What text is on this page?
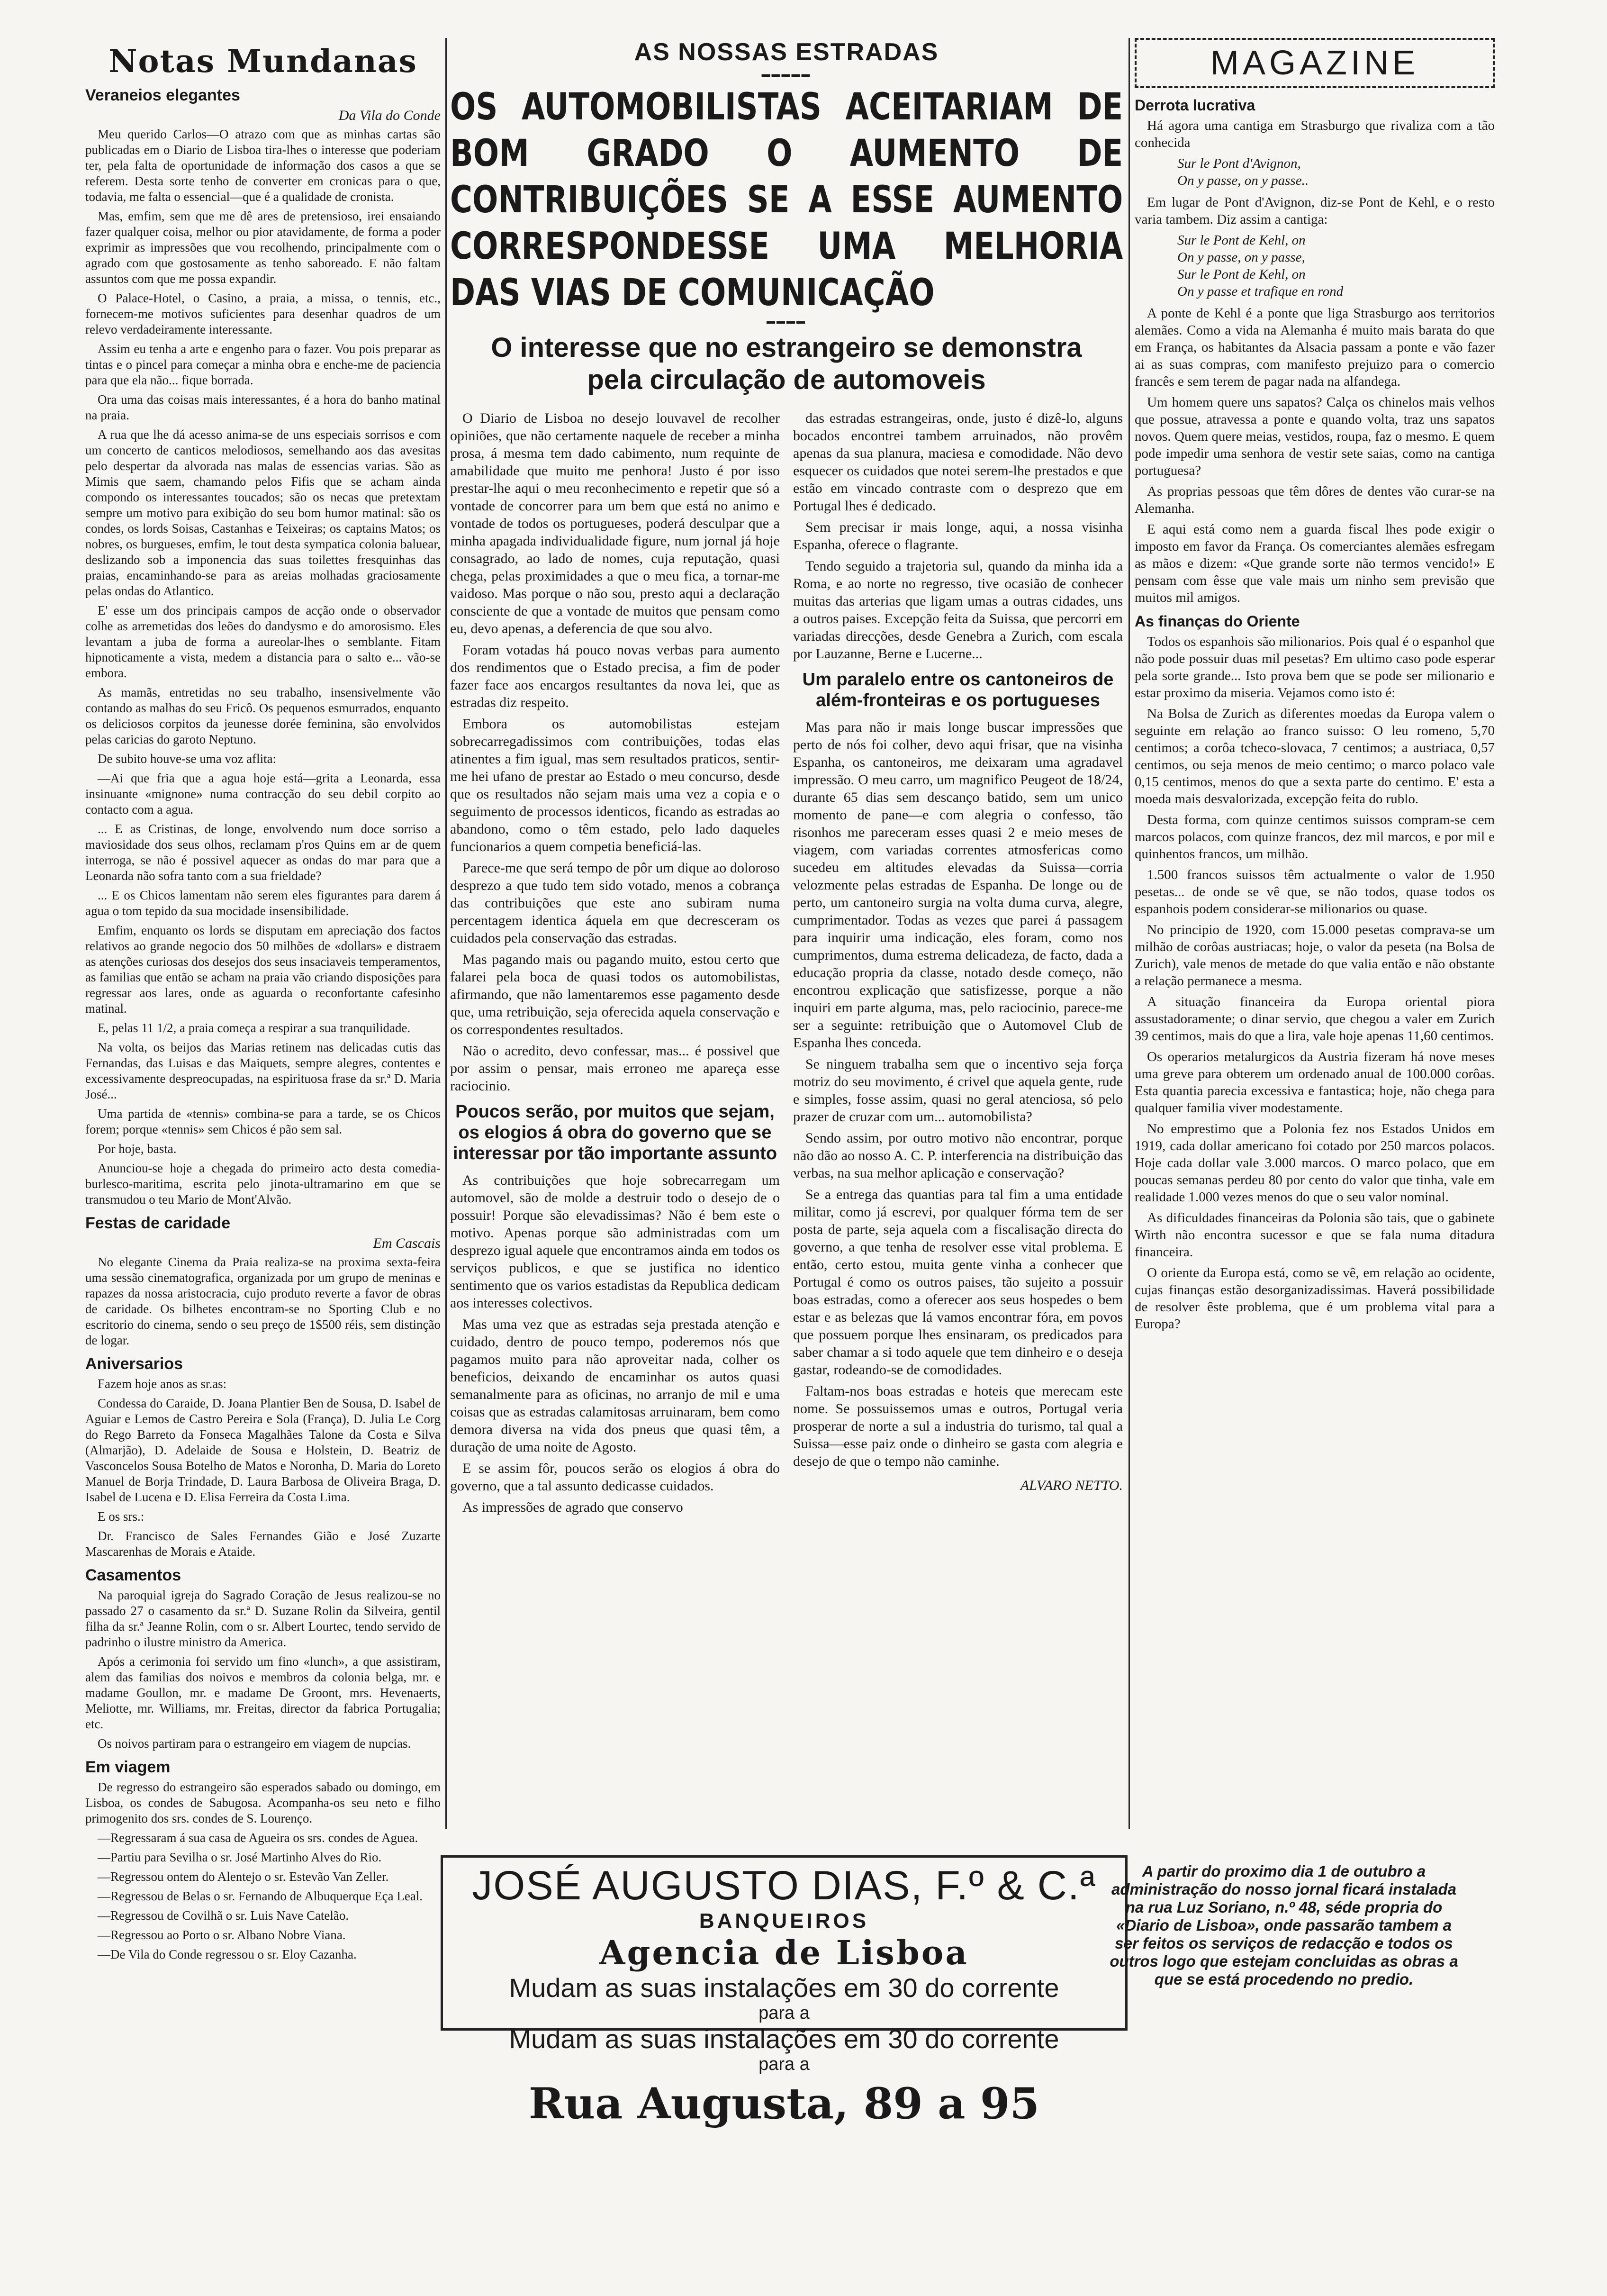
Notas Mundanas
Veraneios elegantes
Da Vila do Conde

Meu querido Carlos—O atrazo com que as minhas cartas são publicadas em o Diario de Lisboa tira-lhes o interesse que poderiam ter, pela falta de oportunidade de informação dos casos a que se referem. Desta sorte tenho de converter em cronicas para o que, todavia, me falta o essencial—que é a qualidade de cronista.

Mas, emfim, sem que me dê ares de pretensioso, irei ensaiando fazer qualquer coisa, melhor ou pior atavidamente, de forma a poder exprimir as impressões que vou recolhendo, principalmente com o agrado com que gostosamente as tenho saboreado. E não faltam assuntos com que me possa expandir.

O Palace-Hotel, o Casino, a praia, a missa, o tennis, etc., fornecem-me motivos suficientes para desenhar quadros de um relevo verdadeiramente interessante.

Assim eu tenha a arte e engenho para o fazer. Vou pois preparar as tintas e o pincel para começar a minha obra e enche-me de paciencia para que ela não... fique borrada.

Ora uma das coisas mais interessantes, é a hora do banho matinal na praia.

A rua que lhe dá acesso anima-se de uns especiais sorrisos e com um concerto de canticos melodiosos, semelhando aos das avesitas pelo despertar da alvorada nas malas de essencias varias. São as Mimis que saem, chamando pelos Fifis que se acham ainda compondo os interessantes toucados; são os necas que pretextam sempre um motivo para exibição do seu bom humor matinal: são os condes, os lords Soisas, Castanhas e Teixeiras; os captains Matos; os nobres, os burgueses, emfim, le tout desta sympatica colonia baluear, deslizando sob a imponencia das suas toilettes fresquinhas das praias, encaminhando-se para as areias molhadas graciosamente pelas ondas do Atlantico.

E' esse um dos principais campos de acção onde o observador colhe as arremetidas dos leões do dandysmo e do amorosismo. Eles levantam a juba de forma a aureolar-lhes o semblante. Fitam hipnoticamente a vista, medem a distancia para o salto e... vão-se embora.

As mamãs, entretidas no seu trabalho, insensivelmente vão contando as malhas do seu Fricô. Os pequenos esmurrados, enquanto os deliciosos corpitos da jeunesse dorée feminina, são envolvidos pelas caricias do garoto Neptuno.

De subito houve-se uma voz aflita:

—Ai que fria que a agua hoje está—grita a Leonarda, essa insinuante «mignone» numa contracção do seu debil corpito ao contacto com a agua.

... E as Cristinas, de longe, envolvendo num doce sorriso a maviosidade dos seus olhos, reclamam p'ros Quins em ar de quem interroga, se não é possivel aquecer as ondas do mar para que a Leonarda não sofra tanto com a sua frieldade?

... E os Chicos lamentam não serem eles figurantes para darem á agua o tom tepido da sua mocidade insensibilidade.

Emfim, enquanto os lords se disputam em apreciação dos factos relativos ao grande negocio dos 50 milhões de «dollars» e distraem as atenções curiosas dos desejos dos seus insaciaveis temperamentos, as familias que então se acham na praia vão criando disposições para regressar aos lares, onde as aguarda o reconfortante cafesinho matinal.

E, pelas 11 1/2, a praia começa a respirar a sua tranquilidade.

Na volta, os beijos das Marias retinem nas delicadas cutis das Fernandas, das Luisas e das Maiquets, sempre alegres, contentes e excessivamente despreocupadas, na espirituosa frase da sr.ª D. Maria José...

Uma partida de «tennis» combina-se para a tarde, se os Chicos forem; porque «tennis» sem Chicos é pão sem sal.

Por hoje, basta.

Anunciou-se hoje a chegada do primeiro acto desta comedia-burlesco-maritima, escrita pelo jinota-ultramarino em que se transmudou o teu Mario de Mont'Alvão.

Festas de caridade
Em Cascais

No elegante Cinema da Praia realiza-se na proxima sexta-feira uma sessão cinematografica, organizada por um grupo de meninas e rapazes da nossa aristocracia, cujo produto reverte a favor de obras de caridade. Os bilhetes encontram-se no Sporting Club e no escritorio do cinema, sendo o seu preço de 1$500 réis, sem distinção de logar.

Aniversarios

Fazem hoje anos as sr.as:

Condessa do Caraide, D. Joana Plantier Ben de Sousa, D. Isabel de Aguiar e Lemos de Castro Pereira e Sola (França), D. Julia Le Corg do Rego Barreto da Fonseca Magalhães Talone da Costa e Silva (Almarjão), D. Adelaide de Sousa e Holstein, D. Beatriz de Vasconcelos Sousa Botelho de Matos e Noronha, D. Maria do Loreto Manuel de Borja Trindade, D. Laura Barbosa de Oliveira Braga, D. Isabel de Lucena e D. Elisa Ferreira da Costa Lima.

E os srs.:

Dr. Francisco de Sales Fernandes Gião e José Zuzarte Mascarenhas de Morais e Ataide.

Casamentos

Na paroquial igreja do Sagrado Coração de Jesus realizou-se no passado 27 o casamento da sr.ª D. Suzane Rolin da Silveira, gentil filha da sr.ª Jeanne Rolin, com o sr. Albert Lourtec, tendo servido de padrinho o ilustre ministro da America.

Após a cerimonia foi servido um fino «lunch», a que assistiram, alem das familias dos noivos e membros da colonia belga, mr. e madame Goullon, mr. e madame De Groont, mrs. Hevenaerts, Meliotte, mr. Williams, mr. Freitas, director da fabrica Portugalia; etc.

Os noivos partiram para o estrangeiro em viagem de nupcias.

Em viagem

De regresso do estrangeiro são esperados sabado ou domingo, em Lisboa, os condes de Sabugosa. Acompanha-os seu neto e filho primogenito dos srs. condes de S. Lourenço.

—Regressaram á sua casa de Agueira os srs. condes de Aguea.

—Partiu para Sevilha o sr. José Martinho Alves do Rio.

—Regressou ontem do Alentejo o sr. Estevão Van Zeller.

—Regressou de Belas o sr. Fernando de Albuquerque Eça Leal.

—Regressou de Covilhã o sr. Luis Nave Catelão.

—Regressou ao Porto o sr. Albano Nobre Viana.

—De Vila do Conde regressou o sr. Eloy Cazanha.

AS NOSSAS ESTRADAS
▬▬▬▬▬
OS AUTOMOBILISTAS ACEITARIAM DE BOM GRADO O AUMENTO DE CONTRIBUIÇÕES SE A ESSE AUMENTO CORRESPONDESSE UMA MELHORIA DAS VIAS DE COMUNICAÇÃO
▬▬▬▬
O interesse que no estrangeiro se demonstra pela circulação de automoveis

O Diario de Lisboa no desejo louvavel de recolher opiniões, que não certamente naquele de receber a minha prosa, á mesma tem dado cabimento, num requinte de amabilidade que muito me penhora! Justo é por isso prestar-lhe aqui o meu reconhecimento e repetir que só a vontade de concorrer para um bem que está no animo e vontade de todos os portugueses, poderá desculpar que a minha apagada individualidade figure, num jornal já hoje consagrado, ao lado de nomes, cuja reputação, quasi chega, pelas proximidades a que o meu fica, a tornar-me vaidoso. Mas porque o não sou, presto aqui a declaração consciente de que a vontade de muitos que pensam como eu, devo apenas, a deferencia de que sou alvo.

Foram votadas há pouco novas verbas para aumento dos rendimentos que o Estado precisa, a fim de poder fazer face aos encargos resultantes da nova lei, que as estradas diz respeito.

Embora os automobilistas estejam sobrecarregadissimos com contribuições, todas elas atinentes a fim igual, mas sem resultados praticos, sentir-me hei ufano de prestar ao Estado o meu concurso, desde que os resultados não sejam mais uma vez a copia e o seguimento de processos identicos, ficando as estradas ao abandono, como o têm estado, pelo lado daqueles funcionarios a quem competia beneficiá-las.

Parece-me que será tempo de pôr um dique ao doloroso desprezo a que tudo tem sido votado, menos a cobrança das contribuições que este ano subiram numa percentagem identica áquela em que decresceram os cuidados pela conservação das estradas.

Mas pagando mais ou pagando muito, estou certo que falarei pela boca de quasi todos os automobilistas, afirmando, que não lamentaremos esse pagamento desde que, uma retribuição, seja oferecida aquela conservação e os correspondentes resultados.

Não o acredito, devo confessar, mas... é possivel que por assim o pensar, mais erroneo me apareça esse raciocinio.

Poucos serão, por muitos que sejam, os elogios á obra do governo que se interessar por tão importante assunto

As contribuições que hoje sobrecarregam um automovel, são de molde a destruir todo o desejo de o possuir! Porque são elevadissimas? Não é bem este o motivo. Apenas porque são administradas com um desprezo igual aquele que encontramos ainda em todos os serviços publicos, e que se justifica no identico sentimento que os varios estadistas da Republica dedicam aos interesses colectivos.

Mas uma vez que as estradas seja prestada atenção e cuidado, dentro de pouco tempo, poderemos nós que pagamos muito para não aproveitar nada, colher os beneficios, deixando de encaminhar os autos quasi semanalmente para as oficinas, no arranjo de mil e uma coisas que as estradas calamitosas arruinaram, bem como demora diversa na vida dos pneus que quasi têm, a duração de uma noite de Agosto.

E se assim fôr, poucos serão os elogios á obra do governo, que a tal assunto dedicasse cuidados.

As impressões de agrado que conservo

das estradas estrangeiras, onde, justo é dizê-lo, alguns bocados encontrei tambem arruinados, não provêm apenas da sua planura, maciesa e comodidade. Não devo esquecer os cuidados que notei serem-lhe prestados e que estão em vincado contraste com o desprezo que em Portugal lhes é dedicado.

Sem precisar ir mais longe, aqui, a nossa visinha Espanha, oferece o flagrante.

Tendo seguido a trajetoria sul, quando da minha ida a Roma, e ao norte no regresso, tive ocasião de conhecer muitas das arterias que ligam umas a outras cidades, uns a outros paises. Excepção feita da Suissa, que percorri em variadas direcções, desde Genebra a Zurich, com escala por Lauzanne, Berne e Lucerne...

Um paralelo entre os cantoneiros de além-fronteiras e os portugueses

Mas para não ir mais longe buscar impressões que perto de nós foi colher, devo aqui frisar, que na visinha Espanha, os cantoneiros, me deixaram uma agradavel impressão. O meu carro, um magnifico Peugeot de 18/24, durante 65 dias sem descanço batido, sem um unico momento de pane—e com alegria o confesso, tão risonhos me pareceram esses quasi 2 e meio meses de viagem, com variadas correntes atmosfericas como sucedeu em altitudes elevadas da Suissa—corria velozmente pelas estradas de Espanha. De longe ou de perto, um cantoneiro surgia na volta duma curva, alegre, cumprimentador. Todas as vezes que parei á passagem para inquirir uma indicação, eles foram, como nos cumprimentos, duma estrema delicadeza, de facto, dada a educação propria da classe, notado desde começo, não encontrou explicação que satisfizesse, porque a não inquiri em parte alguma, mas, pelo raciocinio, parece-me ser a seguinte: retribuição que o Automovel Club de Espanha lhes conceda.

Se ninguem trabalha sem que o incentivo seja força motriz do seu movimento, é crivel que aquela gente, rude e simples, fosse assim, quasi no geral atenciosa, só pelo prazer de cruzar com um... automobilista?

Sendo assim, por outro motivo não encontrar, porque não dão ao nosso A. C. P. interferencia na distribuição das verbas, na sua melhor aplicação e conservação?

Se a entrega das quantias para tal fim a uma entidade militar, como já escrevi, por qualquer fórma tem de ser posta de parte, seja aquela com a fiscalisação directa do governo, a que tenha de resolver esse vital problema. E então, certo estou, muita gente vinha a conhecer que Portugal é como os outros paises, tão sujeito a possuir boas estradas, como a oferecer aos seus hospedes o bem estar e as belezas que lá vamos encontrar fóra, em povos que possuem porque lhes ensinaram, os predicados para saber chamar a si todo aquele que tem dinheiro e o deseja gastar, rodeando-se de comodidades.

Faltam-nos boas estradas e hoteis que merecam este nome. Se possuissemos umas e outros, Portugal veria prosperar de norte a sul a industria do turismo, tal qual a Suissa—esse paiz onde o dinheiro se gasta com alegria e desejo de que o tempo não caminhe.

ALVARO NETTO.
JOSÉ AUGUSTO DIAS, F.º & C.ª
BANQUEIROS
Agencia de Lisboa
Mudam as suas instalações em 30 do corrente
para a
Mudam as suas instalações em 30 do corrente
para a
Rua Augusta, 89 a 95
MAGAZINE
Derrota lucrativa

Há agora uma cantiga em Strasburgo que rivaliza com a tão conhecida

Sur le Pont d'Avignon,
On y passe, on y passe..

Em lugar de Pont d'Avignon, diz-se Pont de Kehl, e o resto varia tambem. Diz assim a cantiga:

Sur le Pont de Kehl, on
On y passe, on y passe,
Sur le Pont de Kehl, on
On y passe et trafique en rond

A ponte de Kehl é a ponte que liga Strasburgo aos territorios alemães. Como a vida na Alemanha é muito mais barata do que em França, os habitantes da Alsacia passam a ponte e vão fazer ai as suas compras, com manifesto prejuizo para o comercio francês e sem terem de pagar nada na alfandega.

Um homem quere uns sapatos? Calça os chinelos mais velhos que possue, atravessa a ponte e quando volta, traz uns sapatos novos. Quem quere meias, vestidos, roupa, faz o mesmo. E quem pode impedir uma senhora de vestir sete saias, como na cantiga portuguesa?

As proprias pessoas que têm dôres de dentes vão curar-se na Alemanha.

E aqui está como nem a guarda fiscal lhes pode exigir o imposto em favor da França. Os comerciantes alemães esfregam as mãos e dizem: «Que grande sorte não termos vencido!» E pensam com êsse que vale mais um ninho sem previsão que muitos mil amigos.

As finanças do Oriente

Todos os espanhois são milionarios. Pois qual é o espanhol que não pode possuir duas mil pesetas? Em ultimo caso pode esperar pela sorte grande... Isto prova bem que se pode ser milionario e estar proximo da miseria. Vejamos como isto é:

Na Bolsa de Zurich as diferentes moedas da Europa valem o seguinte em relação ao franco suisso: O leu romeno, 5,70 centimos; a corôa tcheco-slovaca, 7 centimos; a austriaca, 0,57 centimos, ou seja menos de meio centimo; o marco polaco vale 0,15 centimos, menos do que a sexta parte do centimo. E' esta a moeda mais desvalorizada, excepção feita do rublo.

Desta forma, com quinze centimos suissos compram-se cem marcos polacos, com quinze francos, dez mil marcos, e por mil e quinhentos francos, um milhão.

1.500 francos suissos têm actualmente o valor de 1.950 pesetas... de onde se vê que, se não todos, quase todos os espanhois podem considerar-se milionarios ou quase.

No principio de 1920, com 15.000 pesetas comprava-se um milhão de corôas austriacas; hoje, o valor da peseta (na Bolsa de Zurich), vale menos de metade do que valia então e não obstante a relação permanece a mesma.

A situação financeira da Europa oriental piora assustadoramente; o dinar servio, que chegou a valer em Zurich 39 centimos, mais do que a lira, vale hoje apenas 11,60 centimos.

Os operarios metalurgicos da Austria fizeram há nove meses uma greve para obterem um ordenado anual de 100.000 corôas. Esta quantia parecia excessiva e fantastica; hoje, não chega para qualquer familia viver modestamente.

No emprestimo que a Polonia fez nos Estados Unidos em 1919, cada dollar americano foi cotado por 250 marcos polacos. Hoje cada dollar vale 3.000 marcos. O marco polaco, que em poucas semanas perdeu 80 por cento do valor que tinha, vale em realidade 1.000 vezes menos do que o seu valor nominal.

As dificuldades financeiras da Polonia são tais, que o gabinete Wirth não encontra sucessor e que se fala numa ditadura financeira.

O oriente da Europa está, como se vê, em relação ao ocidente, cujas finanças estão desorganizadissimas. Haverá possibilidade de resolver êste problema, que é um problema vital para a Europa?

A partir do proximo dia 1 de outubro a administração do nosso jornal ficará instalada na rua Luz Soriano, n.º 48, séde propria do «Diario de Lisboa», onde passarão tambem a ser feitos os serviços de redacção e todos os outros logo que estejam concluidas as obras a que se está procedendo no predio.
